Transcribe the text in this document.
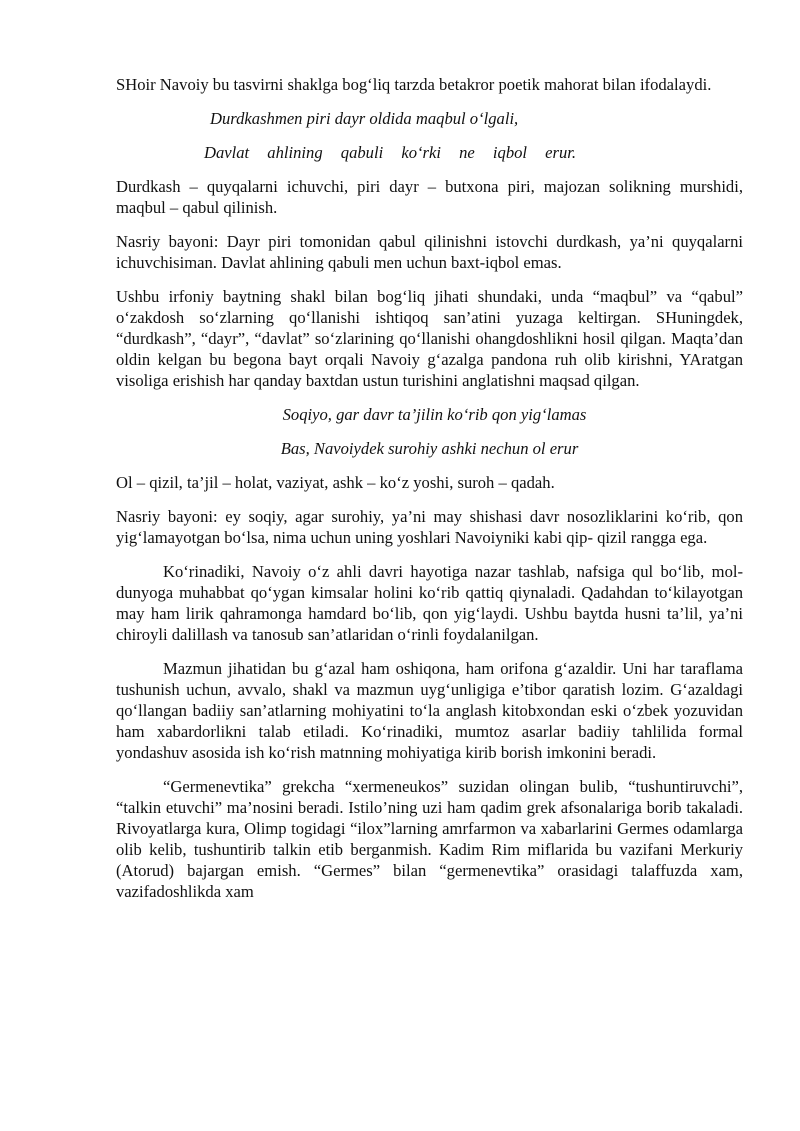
SHoir Navoiy bu tasvirni shaklga bog‘liq tarzda betakror poetik mahorat bilan ifodalaydi.

Durdkashmen piri dayr oldida maqbul o‘lgali,
Davlat ahlining qabuli ko‘rki ne iqbol erur.

Durdkash – quyqalarni ichuvchi, piri dayr – butxona piri, majozan solikning murshidi, maqbul – qabul qilinish.

Nasriy bayoni: Dayr piri tomonidan qabul qilinishni istovchi durdkash, ya’ni quyqalarni ichuvchisiman. Davlat ahlining qabuli men uchun baxt-iqbol emas.

Ushbu irfoniy baytning shakl bilan bog‘liq jihati shundaki, unda “maqbul” va “qabul” o‘zakdosh so‘zlarning qo‘llanishi ishtiqoq san’atini yuzaga keltirgan. SHuningdek, “durdkash”, “dayr”, “davlat” so‘zlarining qo‘llanishi ohangdoshlikni hosil qilgan. Maqta’dan oldin kelgan bu begona bayt orqali Navoiy g‘azalga pandona ruh olib kirishni, YAratgan visoliga erishish har qanday baxtdan ustun turishini anglatishni maqsad qilgan.

Soqiyo, gar davr ta’jilin ko‘rib qon yig‘lamas
Bas, Navoiydek surohiy ashki nechun ol erur

Ol – qizil, ta’jil – holat, vaziyat, ashk – ko‘z yoshi, suroh – qadah.

Nasriy bayoni: ey soqiy, agar surohiy, ya’ni may shishasi davr nosozliklarini ko‘rib, qon yig‘lamayotgan bo‘lsa, nima uchun uning yoshlari Navoiyniki kabi qip- qizil rangga ega.

Ko‘rinadiki, Navoiy o‘z ahli davri hayotiga nazar tashlab, nafsiga qul bo‘lib, mol-dunyoga muhabbat qo‘ygan kimsalar holini ko‘rib qattiq qiynaladi. Qadahdan to‘kilayotgan may ham lirik qahramonga hamdard bo‘lib, qon yig‘laydi. Ushbu baytda husni ta’lil, ya’ni chiroyli dalillash va tanosub san’atlaridan o‘rinli foydalanilgan.

Mazmun jihatidan bu g‘azal ham oshiqona, ham orifona g‘azaldir. Uni har taraflama tushunish uchun, avvalo, shakl va mazmun uyg‘unligiga e’tibor qaratish lozim. G‘azaldagi qo‘llangan badiiy san’atlarning mohiyatini to‘la anglash kitobxondan eski o‘zbek yozuvidan ham xabardorlikni talab etiladi. Ko‘rinadiki, mumtoz asarlar badiiy tahlilida formal yondashuv asosida ish ko‘rish matnning mohiyatiga kirib borish imkonini beradi.

“Germenevtika” grekcha “xermeneukos” suzidan olingan bulib, “tushuntiruvchi”, “talkin etuvchi” ma’nosini beradi. Istilo’ning uzi ham qadim grek afsonalariga borib takaladi. Rivoyatlarga kura, Olimp togidagi “ilox”larning amrfarmon va xabarlarini Germes odamlarga olib kelib, tushuntirib talkin etib berganmish. Kadim Rim miflarida bu vazifani Merkuriy (Atorud) bajargan emish. “Germes” bilan “germenevtika” orasidagi talaffuzda xam, vazifadoshlikda xam
